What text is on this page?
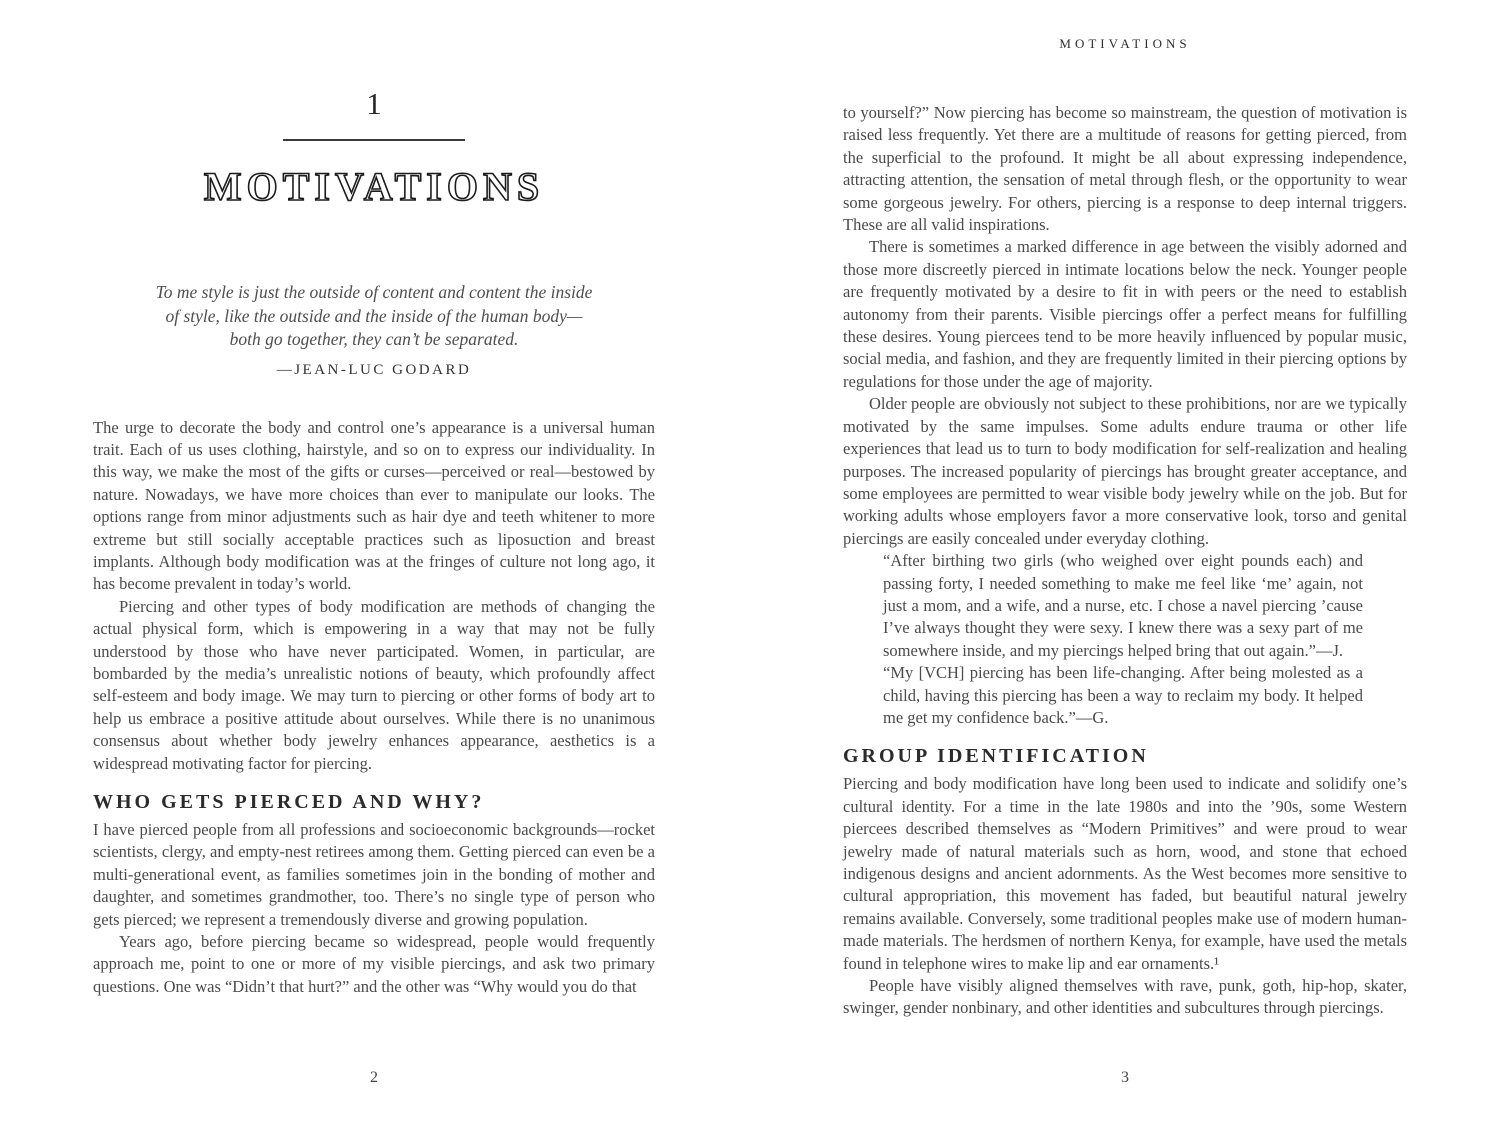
1
MOTIVATIONS

To me style is just the outside of content and content the inside of style, like the outside and the inside of the human body—both go together, they can’t be separated.

—JEAN-LUC GODARD

The urge to decorate the body and control one’s appearance is a universal human trait. Each of us uses clothing, hairstyle, and so on to express our individuality. In this way, we make the most of the gifts or curses—perceived or real—bestowed by nature. Nowadays, we have more choices than ever to manipulate our looks. The options range from minor adjustments such as hair dye and teeth whitener to more extreme but still socially acceptable practices such as liposuction and breast implants. Although body modification was at the fringes of culture not long ago, it has become prevalent in today’s world.

Piercing and other types of body modification are methods of changing the actual physical form, which is empowering in a way that may not be fully understood by those who have never participated. Women, in particular, are bombarded by the media’s unrealistic notions of beauty, which profoundly affect self-esteem and body image. We may turn to piercing or other forms of body art to help us embrace a positive attitude about ourselves. While there is no unanimous consensus about whether body jewelry enhances appearance, aesthetics is a widespread motivating factor for piercing.

WHO GETS PIERCED AND WHY?

I have pierced people from all professions and socioeconomic backgrounds—rocket scientists, clergy, and empty-nest retirees among them. Getting pierced can even be a multi-generational event, as families sometimes join in the bonding of mother and daughter, and sometimes grandmother, too. There’s no single type of person who gets pierced; we represent a tremendously diverse and growing population.

Years ago, before piercing became so widespread, people would frequently approach me, point to one or more of my visible piercings, and ask two primary questions. One was “Didn’t that hurt?” and the other was “Why would you do that

2
MOTIVATIONS

to yourself?” Now piercing has become so mainstream, the question of motivation is raised less frequently. Yet there are a multitude of reasons for getting pierced, from the superficial to the profound. It might be all about expressing independence, attracting attention, the sensation of metal through flesh, or the opportunity to wear some gorgeous jewelry. For others, piercing is a response to deep internal triggers. These are all valid inspirations.

There is sometimes a marked difference in age between the visibly adorned and those more discreetly pierced in intimate locations below the neck. Younger people are frequently motivated by a desire to fit in with peers or the need to establish autonomy from their parents. Visible piercings offer a perfect means for fulfilling these desires. Young piercees tend to be more heavily influenced by popular music, social media, and fashion, and they are frequently limited in their piercing options by regulations for those under the age of majority.

Older people are obviously not subject to these prohibitions, nor are we typically motivated by the same impulses. Some adults endure trauma or other life experiences that lead us to turn to body modification for self-realization and healing purposes. The increased popularity of piercings has brought greater acceptance, and some employees are permitted to wear visible body jewelry while on the job. But for working adults whose employers favor a more conservative look, torso and genital piercings are easily concealed under everyday clothing.

“After birthing two girls (who weighed over eight pounds each) and passing forty, I needed something to make me feel like ‘me’ again, not just a mom, and a wife, and a nurse, etc. I chose a navel piercing ’cause I’ve always thought they were sexy. I knew there was a sexy part of me somewhere inside, and my piercings helped bring that out again.”—J.

“My [VCH] piercing has been life-changing. After being molested as a child, having this piercing has been a way to reclaim my body. It helped me get my confidence back.”—G.

GROUP IDENTIFICATION

Piercing and body modification have long been used to indicate and solidify one’s cultural identity. For a time in the late 1980s and into the ’90s, some Western piercees described themselves as “Modern Primitives” and were proud to wear jewelry made of natural materials such as horn, wood, and stone that echoed indigenous designs and ancient adornments. As the West becomes more sensitive to cultural appropriation, this movement has faded, but beautiful natural jewelry remains available. Conversely, some traditional peoples make use of modern human-made materials. The herdsmen of northern Kenya, for example, have used the metals found in telephone wires to make lip and ear ornaments.¹

People have visibly aligned themselves with rave, punk, goth, hip-hop, skater, swinger, gender nonbinary, and other identities and subcultures through piercings.

3
